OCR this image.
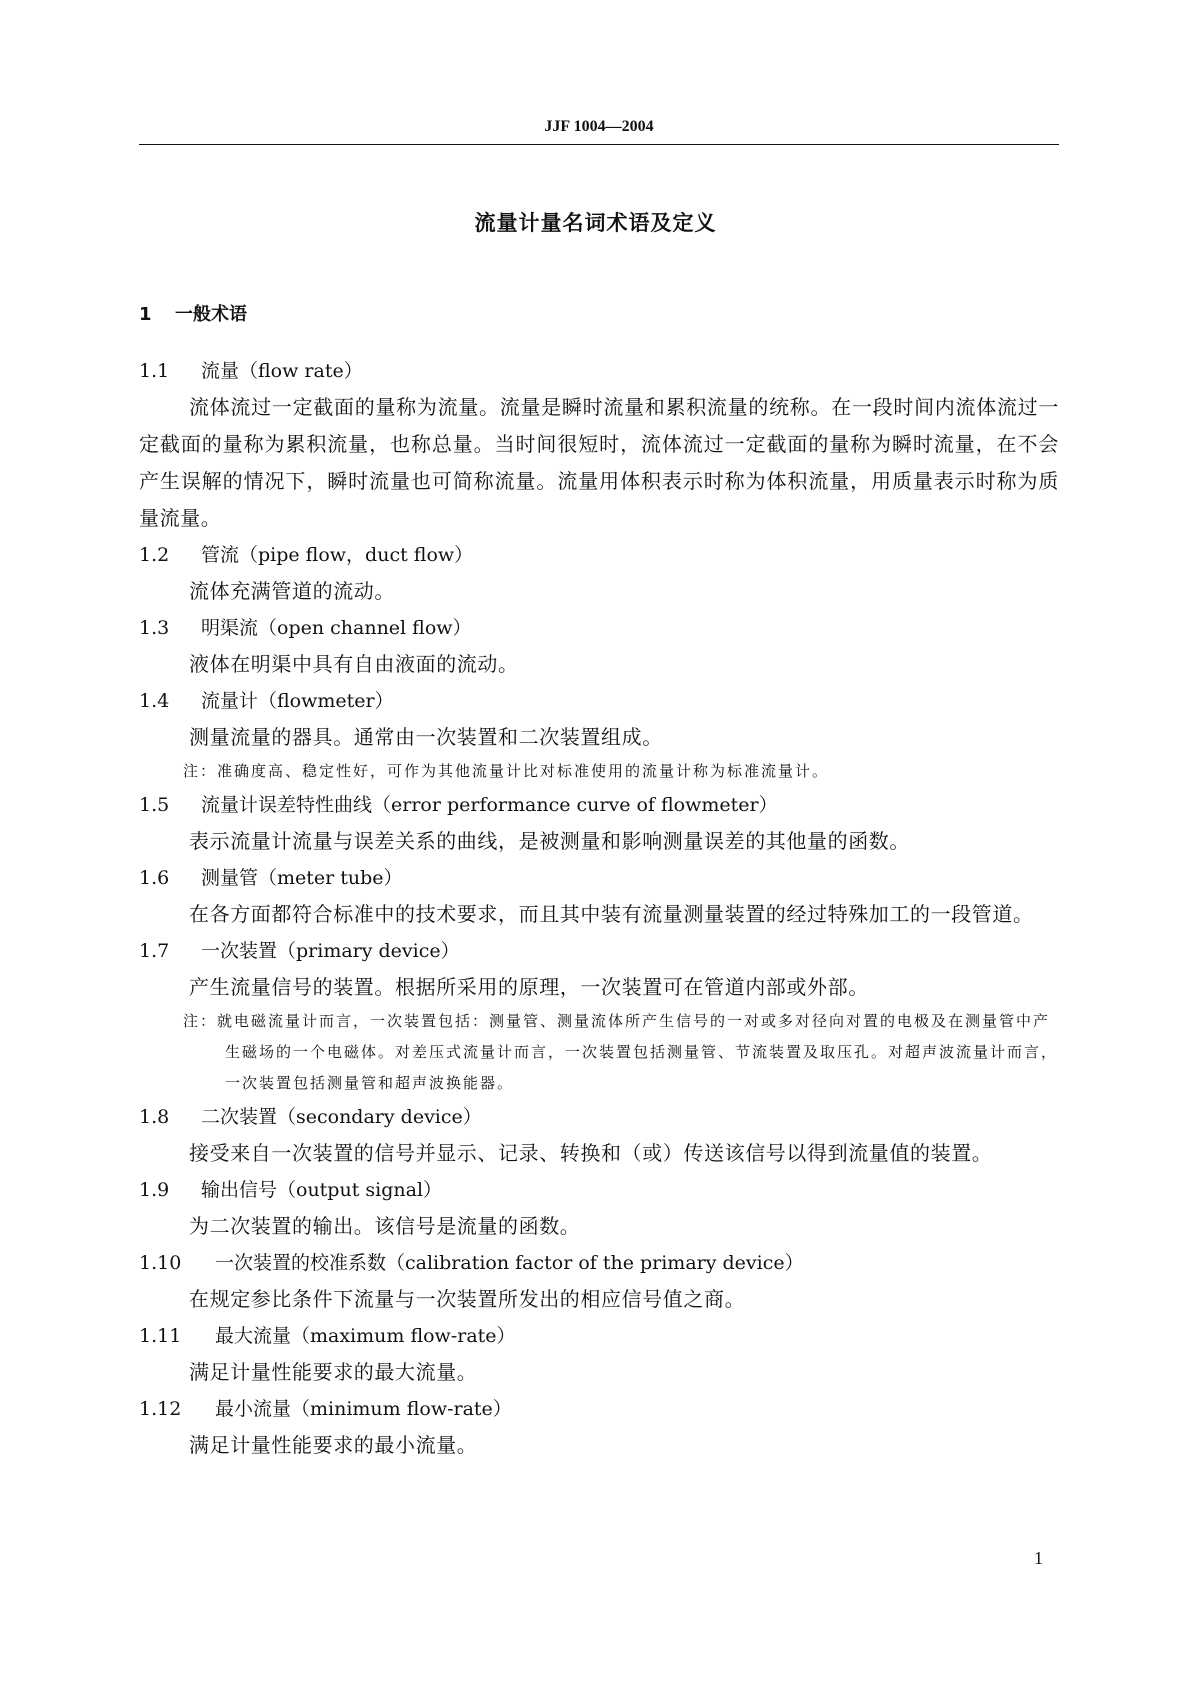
JJF 1004—2004
流量计量名词术语及定义
1 一般术语
1.1 流量（flow rate）

流体流过一定截面的量称为流量。流量是瞬时流量和累积流量的统称。在一段时间内流体流过一定截面的量称为累积流量，也称总量。当时间很短时，流体流过一定截面的量称为瞬时流量，在不会产生误解的情况下，瞬时流量也可简称流量。流量用体积表示时称为体积流量，用质量表示时称为质量流量。

1.2 管流（pipe flow，duct flow）

流体充满管道的流动。

1.3 明渠流（open channel flow）

液体在明渠中具有自由液面的流动。

1.4 流量计（flowmeter）

测量流量的器具。通常由一次装置和二次装置组成。

注：准确度高、稳定性好，可作为其他流量计比对标准使用的流量计称为标准流量计。

1.5 流量计误差特性曲线（error performance curve of flowmeter）

表示流量计流量与误差关系的曲线，是被测量和影响测量误差的其他量的函数。

1.6 测量管（meter tube）

在各方面都符合标准中的技术要求，而且其中装有流量测量装置的经过特殊加工的一段管道。

1.7 一次装置（primary device）

产生流量信号的装置。根据所采用的原理，一次装置可在管道内部或外部。

注：就电磁流量计而言，一次装置包括：测量管、测量流体所产生信号的一对或多对径向对置的电极及在测量管中产生磁场的一个电磁体。对差压式流量计而言，一次装置包括测量管、节流装置及取压孔。对超声波流量计而言，一次装置包括测量管和超声波换能器。

1.8 二次装置（secondary device）

接受来自一次装置的信号并显示、记录、转换和（或）传送该信号以得到流量值的装置。

1.9 输出信号（output signal）

为二次装置的输出。该信号是流量的函数。

1.10 一次装置的校准系数（calibration factor of the primary device）

在规定参比条件下流量与一次装置所发出的相应信号值之商。

1.11 最大流量（maximum flow-rate）

满足计量性能要求的最大流量。

1.12 最小流量（minimum flow-rate）

满足计量性能要求的最小流量。

1
